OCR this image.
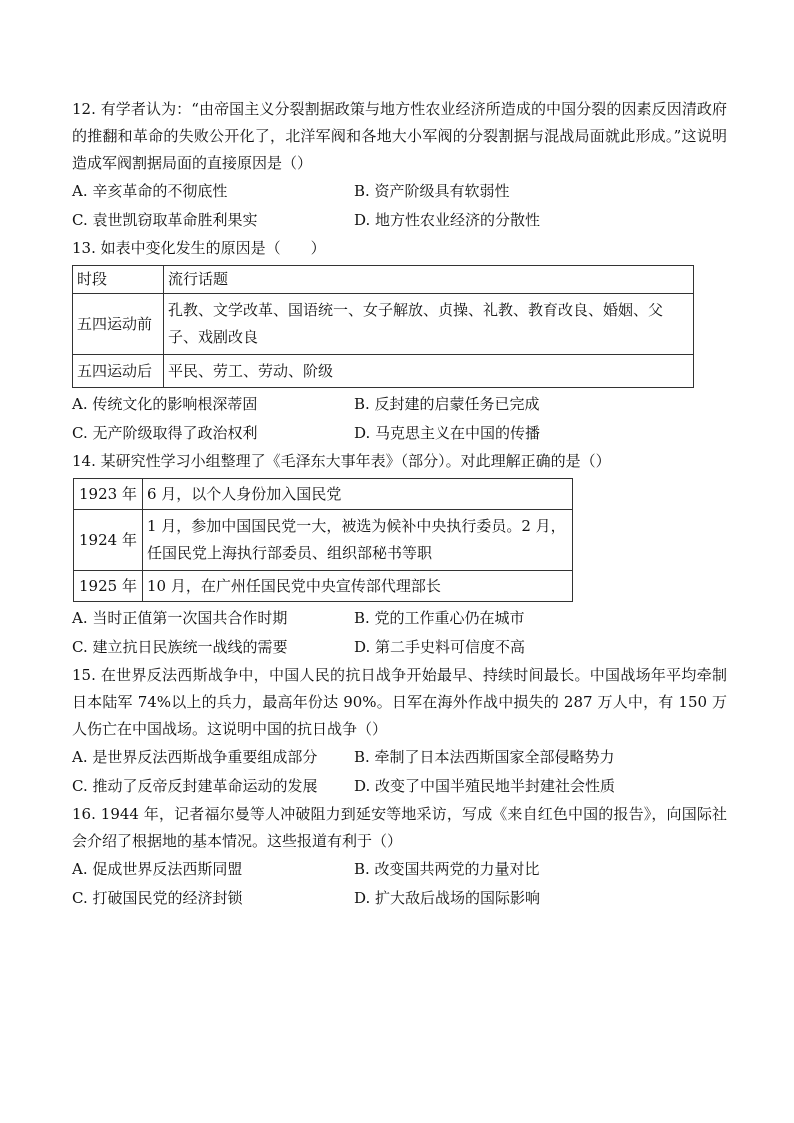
12. 有学者认为：“由帝国主义分裂割据政策与地方性农业经济所造成的中国分裂的因素反因清政府的推翻和革命的失败公开化了，北洋军阀和各地大小军阀的分裂割据与混战局面就此形成。”这说明造成军阀割据局面的直接原因是（）

A. 辛亥革命的不彻底性	B. 资产阶级具有软弱性
C. 袁世凯窃取革命胜利果实	D. 地方性农业经济的分散性

13. 如表中变化发生的原因是（　　）

时段	流行话题
五四运动前	孔教、文学改革、国语统一、女子解放、贞操、礼教、教育改良、婚姻、父子、戏剧改良
五四运动后	平民、劳工、劳动、阶级
A. 传统文化的影响根深蒂固	B. 反封建的启蒙任务已完成
C. 无产阶级取得了政治权利	D. 马克思主义在中国的传播

14. 某研究性学习小组整理了《毛泽东大事年表》（部分）。对此理解正确的是（）

1923 年	6 月，以个人身份加入国民党
1924 年	1 月，参加中国国民党一大，被选为候补中央执行委员。2 月，任国民党上海执行部委员、组织部秘书等职
1925 年	10 月，在广州任国民党中央宣传部代理部长
A. 当时正值第一次国共合作时期	B. 党的工作重心仍在城市
C. 建立抗日民族统一战线的需要	D. 第二手史料可信度不高

15. 在世界反法西斯战争中，中国人民的抗日战争开始最早、持续时间最长。中国战场年平均牵制日本陆军 74%以上的兵力，最高年份达 90%。日军在海外作战中损失的 287 万人中，有 150 万人伤亡在中国战场。这说明中国的抗日战争（）

A. 是世界反法西斯战争重要组成部分	B. 牵制了日本法西斯国家全部侵略势力
C. 推动了反帝反封建革命运动的发展	D. 改变了中国半殖民地半封建社会性质

16. 1944 年，记者福尔曼等人冲破阻力到延安等地采访，写成《来自红色中国的报告》，向国际社会介绍了根据地的基本情况。这些报道有利于（）

A. 促成世界反法西斯同盟	B. 改变国共两党的力量对比
C. 打破国民党的经济封锁	D. 扩大敌后战场的国际影响
